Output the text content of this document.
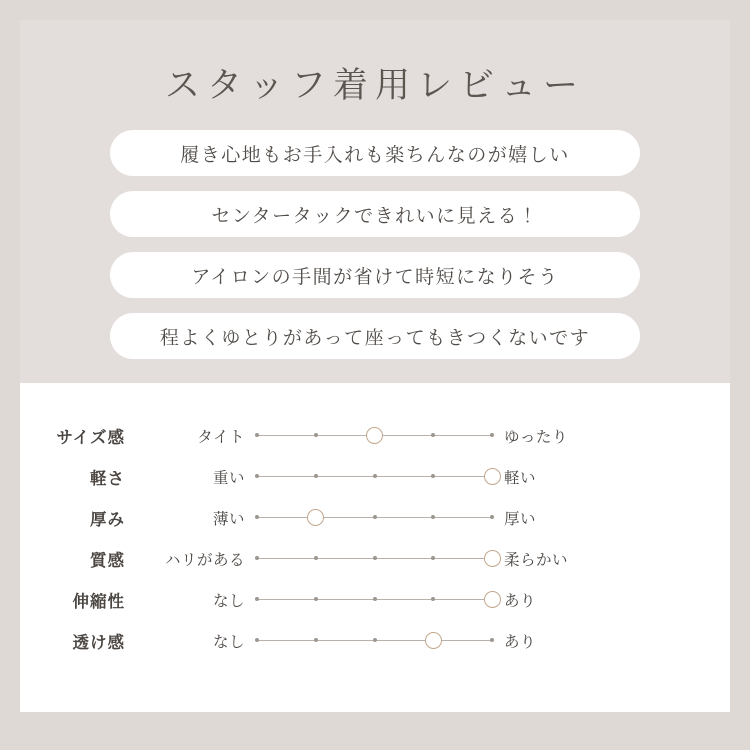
スタッフ着用レビュー
履き心地もお手入れも楽ちんなのが嬉しい
センタータックできれいに見える！
アイロンの手間が省けて時短になりそう
程よくゆとりがあって座ってもきつくないです
サイズ感	タイト	ゆったり
軽さ	重い	軽い
厚み	薄い	厚い
質感	ハリがある	柔らかい
伸縮性	なし	あり
透け感	なし	あり
